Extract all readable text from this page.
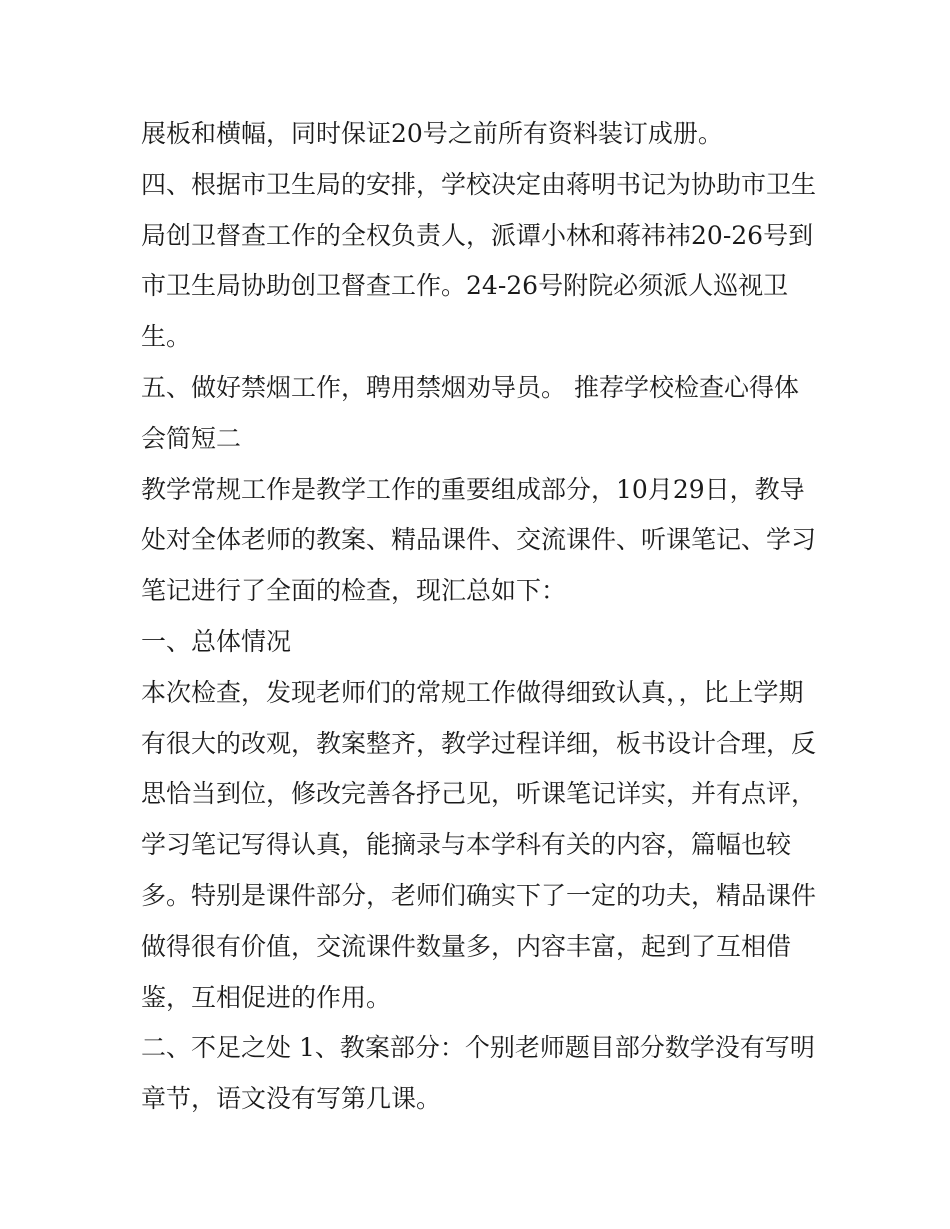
展板和横幅，同时保证20号之前所有资料装订成册。
四、根据市卫生局的安排，学校决定由蒋明书记为协助市卫生
局创卫督查工作的全权负责人，派谭小林和蒋祎祎20-26号到
市卫生局协助创卫督查工作。24-26号附院必须派人巡视卫
生。
五、做好禁烟工作，聘用禁烟劝导员。 推荐学校检查心得体
会简短二
教学常规工作是教学工作的重要组成部分，10月29日，教导
处对全体老师的教案、精品课件、交流课件、听课笔记、学习
笔记进行了全面的检查，现汇总如下：
一、总体情况
本次检查，发现老师们的常规工作做得细致认真，，比上学期
有很大的改观，教案整齐，教学过程详细，板书设计合理，反
思恰当到位，修改完善各抒己见，听课笔记详实，并有点评，
学习笔记写得认真，能摘录与本学科有关的内容，篇幅也较
多。特别是课件部分，老师们确实下了一定的功夫，精品课件
做得很有价值，交流课件数量多，内容丰富，起到了互相借
鉴，互相促进的作用。
二、不足之处 1、教案部分：个别老师题目部分数学没有写明
章节，语文没有写第几课。
